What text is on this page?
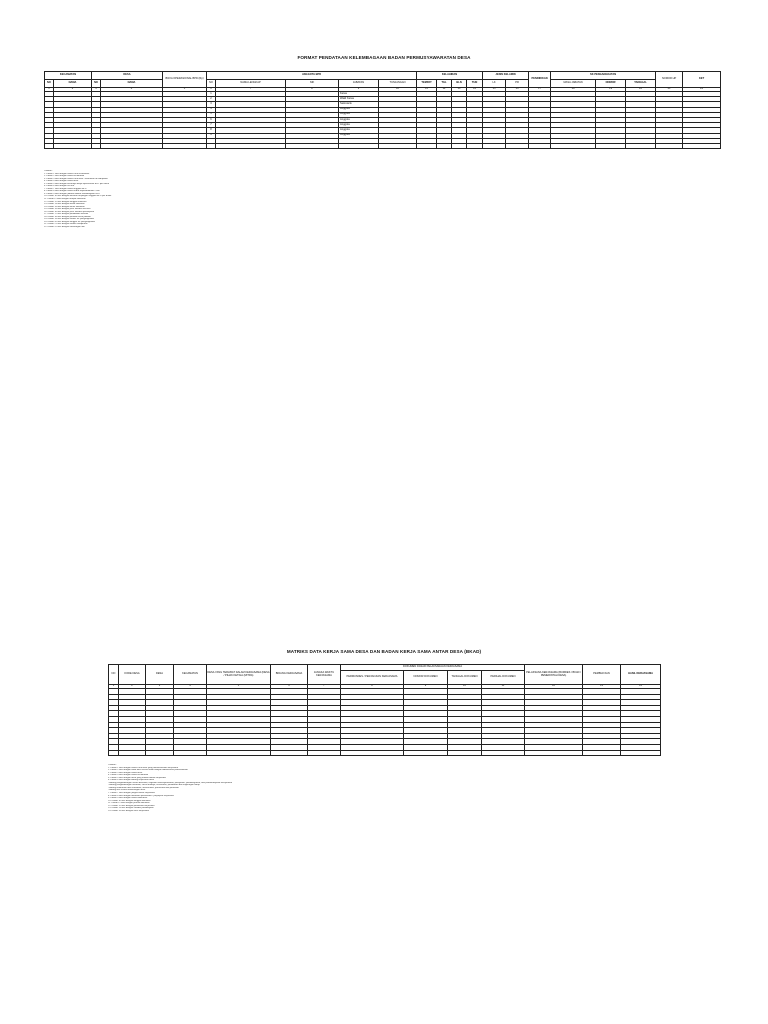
FORMAT PENDATAAN KELEMBAGAAN BADAN PERMUSYAWARATAN DESA
KECAMATAN		DESA		BIAYA OPERASIONAL BPD (Rp)	ANGGOTA BPD					KELAHIRAN				JENIS KELAMIN		PENDIDIKAN	SK PENGANGKATAN			NOMOR HP	KET
NO	NAMA	NO	NAMA		NO	NAMA LENGKAP	NIK	JABATAN	TUNJANGAN	TEMPAT	TGL	BLN	THN	LK	PR		MASA JABATAN	NOMOR	TANGGAL		
1	2	3	4	5	6	7	8	9	10	11	12	13	14	15	16	17	18	19	20	21	22
					1			Ketua													
					2			Wakil Ketua													
					3			Sekretaris													
					4			Anggota													
					5			Anggota													
					6			Anggota													
					7			Anggota													
					8			Anggota													
					9			Anggota													

Catatan :
1. Kolom 1 diisi dengan nomor urut kecamatan
2. Kolom 2 diisi dengan nama kecamatan
3. Kolom 3 diisi dengan nomor urut desa / kelurahan di kabupaten
4. Kolom 4 diisi dengan nama desa
5. Kolom 5 diisi dengan besarnya biaya operasional BPD per tahun
6. Kolom 6 diisi dengan no urut
7. Kolom 7 diisi dengan nama anggota BPD
8. Kolom 8 diisi dengan nomor induk kependudukan / NIK
9. Kolom 9 diisi dengan jabatan dalam kelembagaan BPD
10. Kolom 10 diisi dengan besaran tunjangan anggota BPD per bulan
11. Kolom 11 diisi dengan tempat kelahiran
12. Kolom 12 diisi dengan tanggal kelahiran
13. Kolom 13 diisi dengan bulan kelahiran
14. Kolom 14 diisi dengan tahun kelahiran
15. Kolom 15 diisi dengan jenis kelamin laki-laki
16. Kolom 16 diisi dengan jenis kelamin perempuan
17. Kolom 17 diisi dengan pendidikan terakhir
18. Kolom 18 diisi dengan periode masa jabatan
19. Kolom 19 diisi dengan nomor SK pengangkatan
20. Kolom 20 diisi dengan tanggal SK pengangkatan
21. Kolom 21 diisi dengan nomor handphone
22. Kolom 22 diisi dengan keterangan lain
MATRIKS DATA KERJA SAMA DESA DAN BADAN KERJA SAMA ANTAR DESA (BKAD)
NO	KODE DESA	DESA	KECAMATAN	DESA YANG TERLIBAT DALAM KERJASAMA (DESA / PIHAK KETIGA (MITRA)	BIDANG KERJASAMA	JANGKA WAKTU KERJASAMA	DOKUMEN DASAR PELAKSANAAN KERJASAMA				PELAKSANA KERJASAMA (BUMDES / BKAD / PEMERINTAH DESA)	PEMBIAYAAN	HASIL KERJASAMA
							PERMUSDES / PERJANJIAN KERJASAMA	NOMOR DOKUMEN	TANGGAL DOKUMEN	PERIHAL DOKUMEN			
1	2	3	4	5	6	7	8	9	10	11	12	13	14

Catatan :
1. Kolom 1 diisi dengan nomor urut desa yang melaksanakan kerjasama
2. Kolom 2 diisi dengan kode desa sesuai kode wilayah administrasi pemerintahan
3. Kolom 3 diisi dengan nama desa
4. Kolom 4 diisi dengan nama kecamatan
5. Kolom 5 diisi dengan desa yang terlibat dalam kerjasama
6. Kolom 6 diisi dengan bidang kerjasama desa
- bidang pengembangan usaha bersama, kegiatan kemasyarakatan, pelayanan, pembangunan, dan pemberdayaan masyarakat
- bidang pengembangan ekonomi, sosial budaya, kesehatan, pendidikan dan lingkungan hidup
- bidang keamanan dan ketertiban, infrastruktur, pariwisata dan pertanian
- bidang lain sesuai kewenangan desa
7. Kolom 7 diisi dengan jangka waktu kerjasama
8. Kolom 8 diisi dengan dokumen permusdes / perjanjian kerjasama
9. Kolom 9 diisi dengan nomor dokumen
10. Kolom 10 diisi dengan tanggal dokumen
11. Kolom 11 diisi dengan perihal dokumen
12. Kolom 12 diisi dengan pelaksana kerjasama
13. Kolom 13 diisi dengan sumber pembiayaan
14. Kolom 14 diisi dengan hasil kerjasama
